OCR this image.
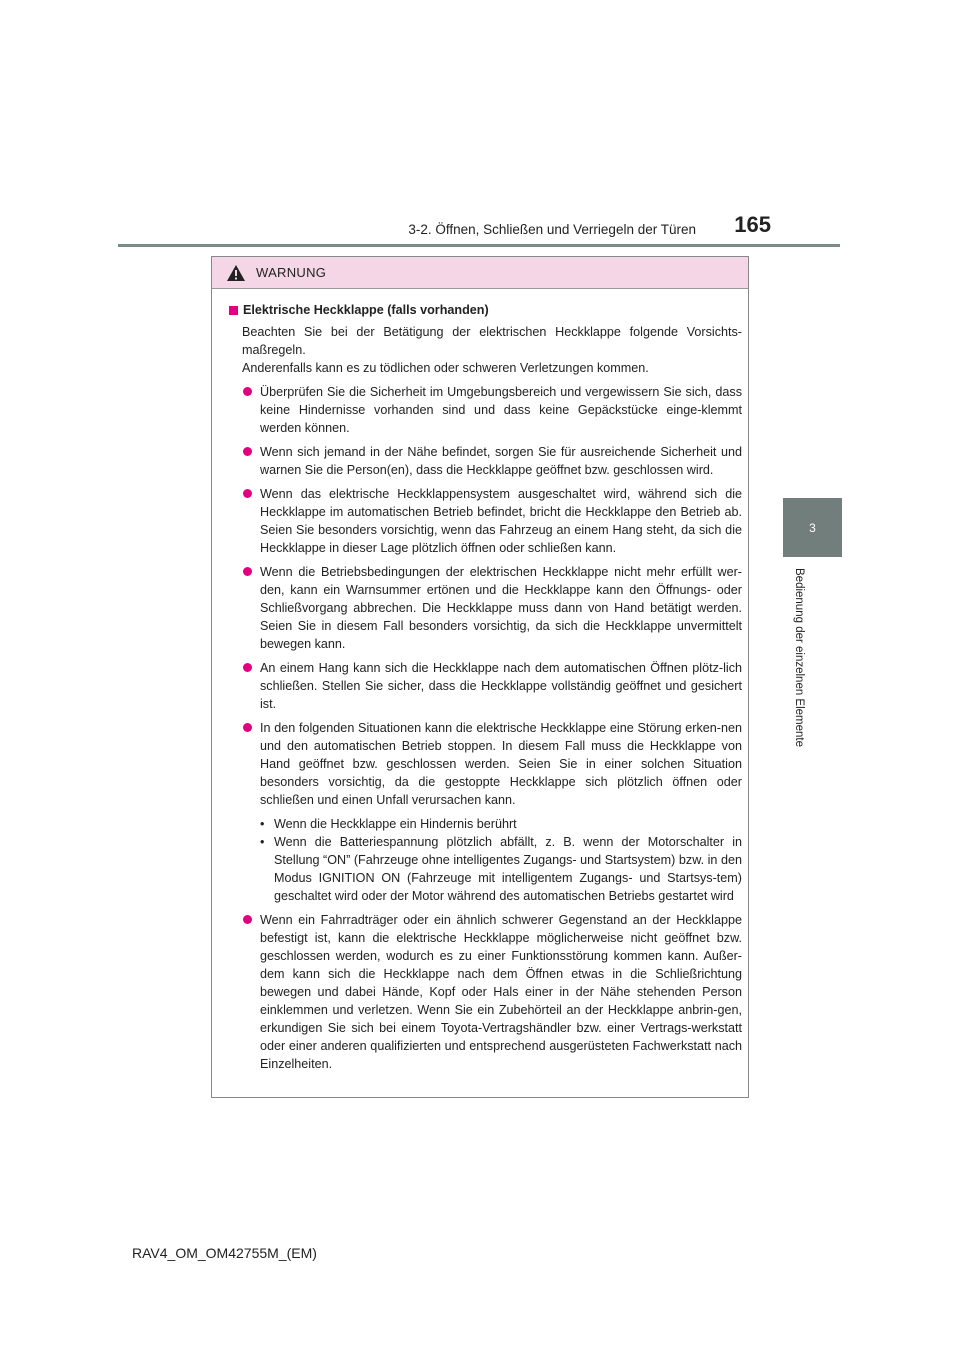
3-2. Öffnen, Schließen und Verriegeln der Türen 165
3
Bedienung der einzelnen Elemente
WARNUNG
Elektrische Heckklappe (falls vorhanden)
Beachten Sie bei der Betätigung der elektrischen Heckklappe folgende Vorsichts-maßregeln.
Anderenfalls kann es zu tödlichen oder schweren Verletzungen kommen.
Überprüfen Sie die Sicherheit im Umgebungsbereich und vergewissern Sie sich, dass keine Hindernisse vorhanden sind und dass keine Gepäckstücke einge-klemmt werden können.
Wenn sich jemand in der Nähe befindet, sorgen Sie für ausreichende Sicherheit und warnen Sie die Person(en), dass die Heckklappe geöffnet bzw. geschlossen wird.
Wenn das elektrische Heckklappensystem ausgeschaltet wird, während sich die Heckklappe im automatischen Betrieb befindet, bricht die Heckklappe den Betrieb ab. Seien Sie besonders vorsichtig, wenn das Fahrzeug an einem Hang steht, da sich die Heckklappe in dieser Lage plötzlich öffnen oder schließen kann.
Wenn die Betriebsbedingungen der elektrischen Heckklappe nicht mehr erfüllt wer-den, kann ein Warnsummer ertönen und die Heckklappe kann den Öffnungs- oder Schließvorgang abbrechen. Die Heckklappe muss dann von Hand betätigt werden. Seien Sie in diesem Fall besonders vorsichtig, da sich die Heckklappe unvermittelt bewegen kann.
An einem Hang kann sich die Heckklappe nach dem automatischen Öffnen plötz-lich schließen. Stellen Sie sicher, dass die Heckklappe vollständig geöffnet und gesichert ist.
In den folgenden Situationen kann die elektrische Heckklappe eine Störung erken-nen und den automatischen Betrieb stoppen. In diesem Fall muss die Heckklappe von Hand geöffnet bzw. geschlossen werden. Seien Sie in einer solchen Situation besonders vorsichtig, da die gestoppte Heckklappe sich plötzlich öffnen oder schließen und einen Unfall verursachen kann.
• Wenn die Heckklappe ein Hindernis berührt
• Wenn die Batteriespannung plötzlich abfällt, z. B. wenn der Motorschalter in Stellung “ON” (Fahrzeuge ohne intelligentes Zugangs- und Startsystem) bzw. in den Modus IGNITION ON (Fahrzeuge mit intelligentem Zugangs- und Startsys-tem) geschaltet wird oder der Motor während des automatischen Betriebs gestartet wird
Wenn ein Fahrradträger oder ein ähnlich schwerer Gegenstand an der Heckklappe befestigt ist, kann die elektrische Heckklappe möglicherweise nicht geöffnet bzw. geschlossen werden, wodurch es zu einer Funktionsstörung kommen kann. Außer-dem kann sich die Heckklappe nach dem Öffnen etwas in die Schließrichtung bewegen und dabei Hände, Kopf oder Hals einer in der Nähe stehenden Person einklemmen und verletzen. Wenn Sie ein Zubehörteil an der Heckklappe anbrin-gen, erkundigen Sie sich bei einem Toyota-Vertragshändler bzw. einer Vertrags-werkstatt oder einer anderen qualifizierten und entsprechend ausgerüsteten Fachwerkstatt nach Einzelheiten.
RAV4_OM_OM42755M_(EM)
